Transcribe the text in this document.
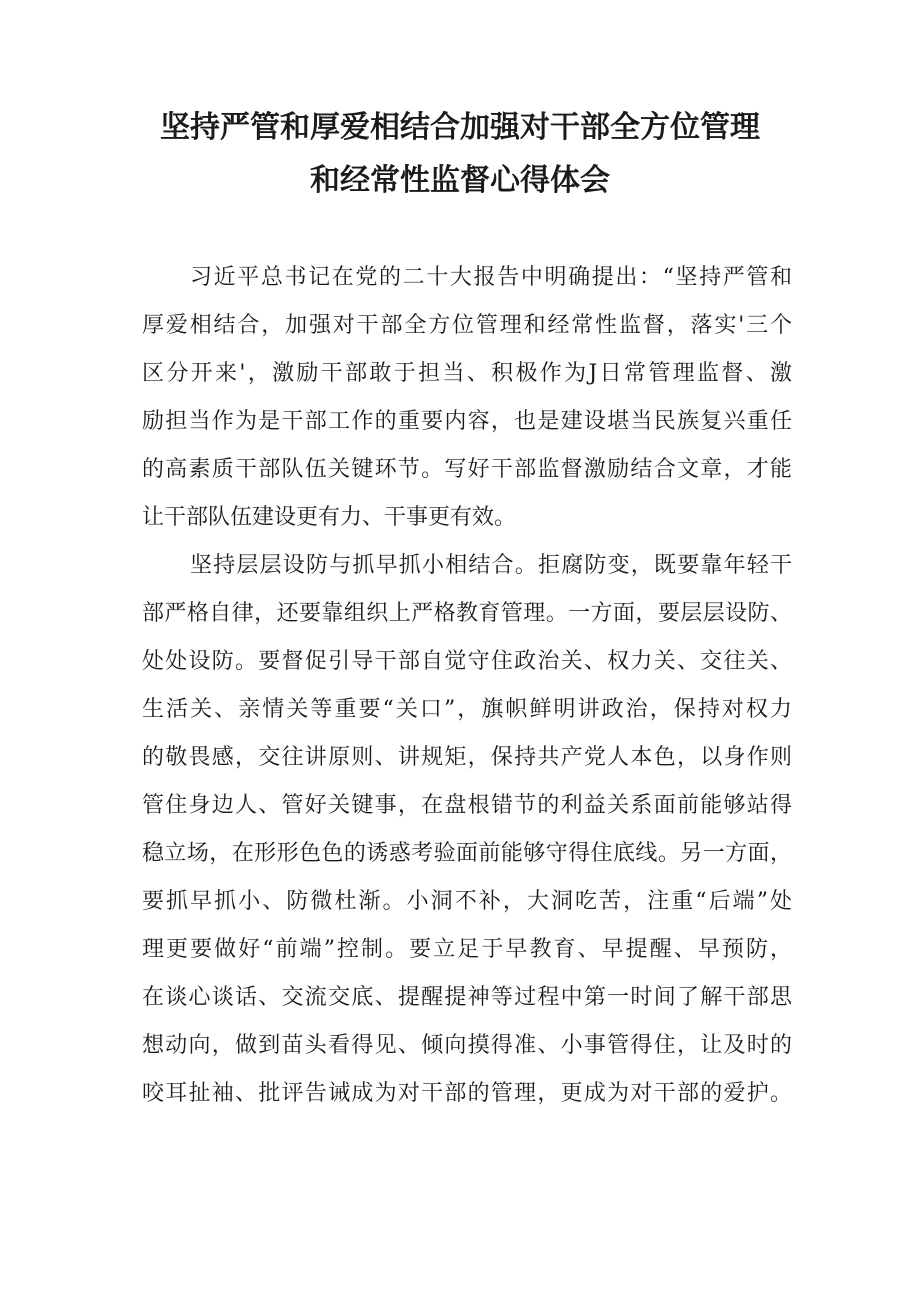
坚持严管和厚爱相结合加强对干部全方位管理
和经常性监督心得体会

习近平总书记在党的二十大报告中明确提出：“坚持严管和

厚爱相结合，加强对干部全方位管理和经常性监督，落实'三个

区分开来'，激励干部敢于担当、积极作为J日常管理监督、激

励担当作为是干部工作的重要内容，也是建设堪当民族复兴重任

的高素质干部队伍关键环节。写好干部监督激励结合文章，才能

让干部队伍建设更有力、干事更有效。

坚持层层设防与抓早抓小相结合。拒腐防变，既要靠年轻干

部严格自律，还要靠组织上严格教育管理。一方面，要层层设防、

处处设防。要督促引导干部自觉守住政治关、权力关、交往关、

生活关、亲情关等重要“关口”，旗帜鲜明讲政治，保持对权力

的敬畏感，交往讲原则、讲规矩，保持共产党人本色，以身作则

管住身边人、管好关键事，在盘根错节的利益关系面前能够站得

稳立场，在形形色色的诱惑考验面前能够守得住底线。另一方面，

要抓早抓小、防微杜渐。小洞不补，大洞吃苦，注重“后端”处

理更要做好“前端”控制。要立足于早教育、早提醒、早预防，

在谈心谈话、交流交底、提醒提神等过程中第一时间了解干部思

想动向，做到苗头看得见、倾向摸得准、小事管得住，让及时的

咬耳扯袖、批评告诫成为对干部的管理，更成为对干部的爱护。
